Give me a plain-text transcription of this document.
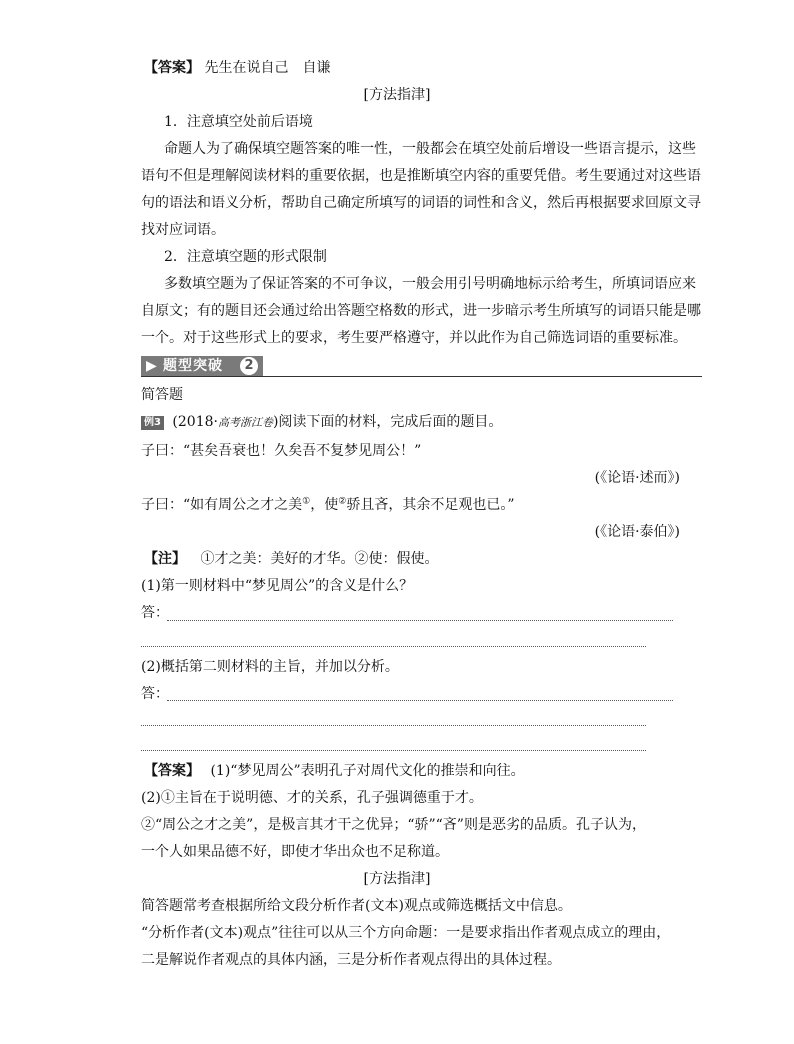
【答案】 先生在说自己　自谦
[方法指津]
1．注意填空处前后语境
命题人为了确保填空题答案的唯一性，一般都会在填空处前后增设一些语言提示，这些
语句不但是理解阅读材料的重要依据，也是推断填空内容的重要凭借。考生要通过对这些语
句的语法和语义分析，帮助自己确定所填写的词语的词性和含义，然后再根据要求回原文寻
找对应词语。
2．注意填空题的形式限制
多数填空题为了保证答案的不可争议，一般会用引号明确地标示给考生，所填词语应来
自原文；有的题目还会通过给出答题空格数的形式，进一步暗示考生所填写的词语只能是哪
一个。对于这些形式上的要求，考生要严格遵守，并以此作为自己筛选词语的重要标准。
▶ 题型突破	2
简答题
例3 (2018·高考浙江卷)阅读下面的材料，完成后面的题目。
子曰：“甚矣吾衰也！久矣吾不复梦见周公！”
(《论语·述而》)
子曰：“如有周公之才之美①，使②骄且吝，其余不足观也已。”
(《论语·泰伯》)
【注】 ①才之美：美好的才华。②使：假使。
(1)第一则材料中“梦见周公”的含义是什么？
答：
(2)概括第二则材料的主旨，并加以分析。
答：
【答案】 (1)“梦见周公”表明孔子对周代文化的推崇和向往。
(2)①主旨在于说明德、才的关系，孔子强调德重于才。
②“周公之才之美”，是极言其才干之优异；“骄”“吝”则是恶劣的品质。孔子认为，
一个人如果品德不好，即使才华出众也不足称道。
[方法指津]
简答题常考查根据所给文段分析作者(文本)观点或筛选概括文中信息。
“分析作者(文本)观点”往往可以从三个方向命题：一是要求指出作者观点成立的理由，
二是解说作者观点的具体内涵，三是分析作者观点得出的具体过程。
